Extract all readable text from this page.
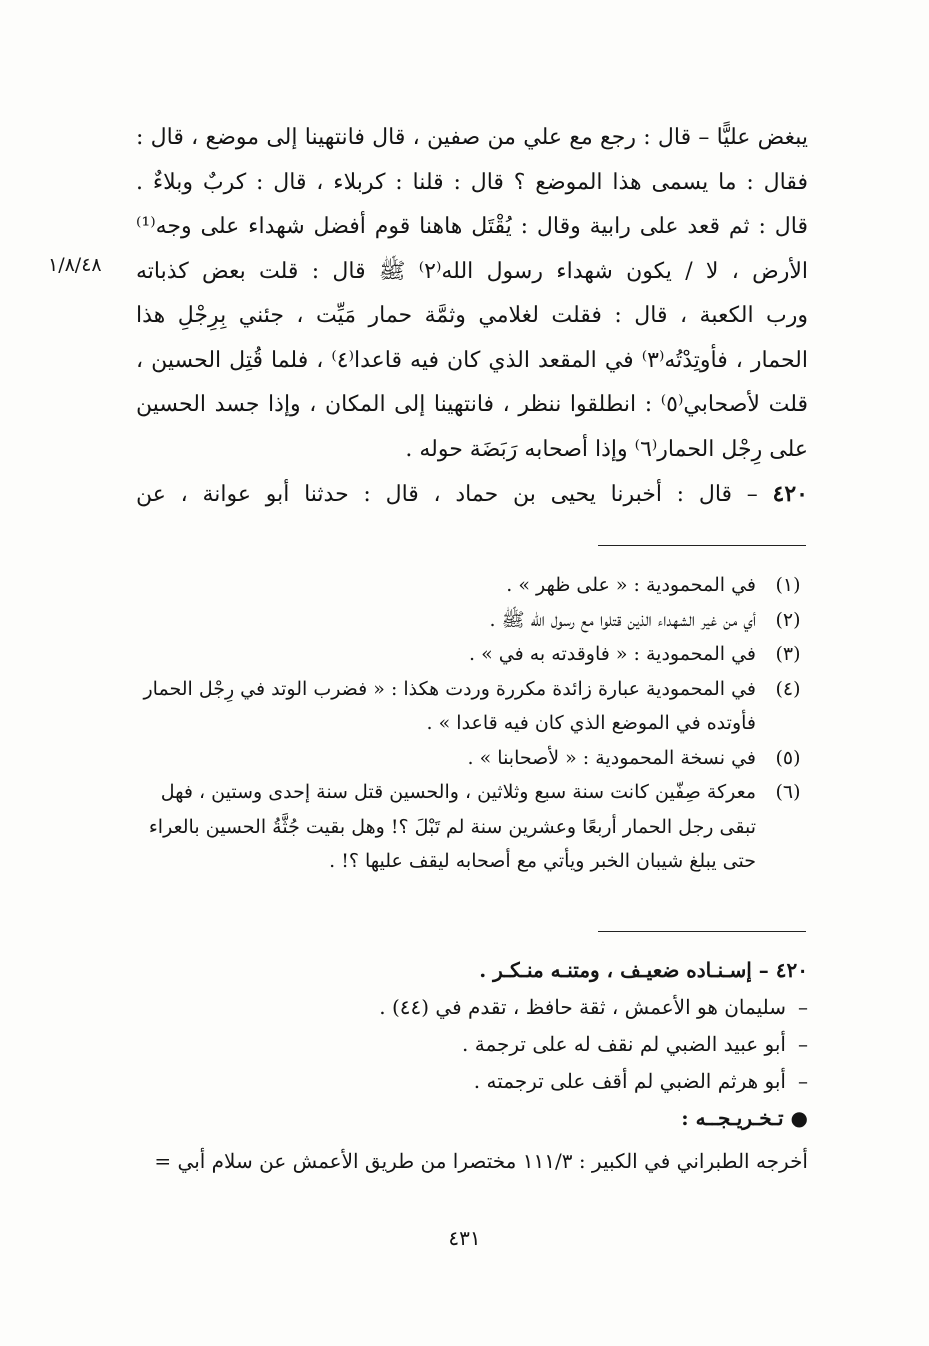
يبغض عليًّا – قال : رجع مع علي من صفين ، قال فانتهينا إلى موضع ، قال :
فقال : ما يسمى هذا الموضع ؟ قال : قلنا : كربلاء ، قال : كربٌ وبلاءٌ .
قال : ثم قعد على رابية وقال : يُقْتَل هاهنا قوم أفضل شهداء على وجه⁽¹⁾
الأرض ، لا / يكون شهداء رسول الله⁽٢⁾ ﷺ قال : قلت بعض كذباته
ورب الكعبة ، قال : فقلت لغلامي وثمَّة حمار مَيِّت ، جئني بِرِجْلِ هذا
الحمار ، فأوتِدْتُه⁽٣⁾ في المقعد الذي كان فيه قاعدا⁽٤⁾ ، فلما قُتِل الحسين ،
قلت لأصحابي⁽٥⁾ : انطلقوا ننظر ، فانتهينا إلى المكان ، وإذا جسد الحسين
على رِجْل الحمار⁽٦⁾ وإذا أصحابه رَبَضَة حوله .
٤٢٠ – قال : أخبرنا يحيى بن حماد ، قال : حدثنا أبو عوانة ، عن
١/٨/٤٨
(١)
في المحمودية : « على ظهر » .
(٢)
أي من غير الشهداء الذين قتلوا مع رسول الله ﷺ .
(٣)
في المحمودية : « فاوقدته به في » .
(٤)
في المحمودية عبارة زائدة مكررة وردت هكذا : « فضرب الوتد في رِجْل الحمار فأوتده في الموضع الذي كان فيه قاعدا » .
(٥)
في نسخة المحمودية : « لأصحابنا » .
(٦)
معركة صِفّين كانت سنة سبع وثلاثين ، والحسين قتل سنة إحدى وستين ، فهل تبقى رجل الحمار أربعًا وعشرين سنة لم تَبْلَ ؟! وهل بقيت جُثَّةُ الحسين بالعراء حتى يبلغ شيبان الخبر ويأتي مع أصحابه ليقف عليها ؟! .
٤٢٠ – إسـنـاده ضعيـف ، ومتنـه منـكـر .
–سليمان هو الأعمش ، ثقة حافظ ، تقدم في (٤٤) .
–أبو عبيد الضبي لم نقف له على ترجمة .
–أبو هرثم الضبي لم أقف على ترجمته .
● تـخـريـجــه :
أخرجه الطبراني في الكبير : ١١١/٣ مختصرا من طريق الأعمش عن سلام أبي =
٤٣١
